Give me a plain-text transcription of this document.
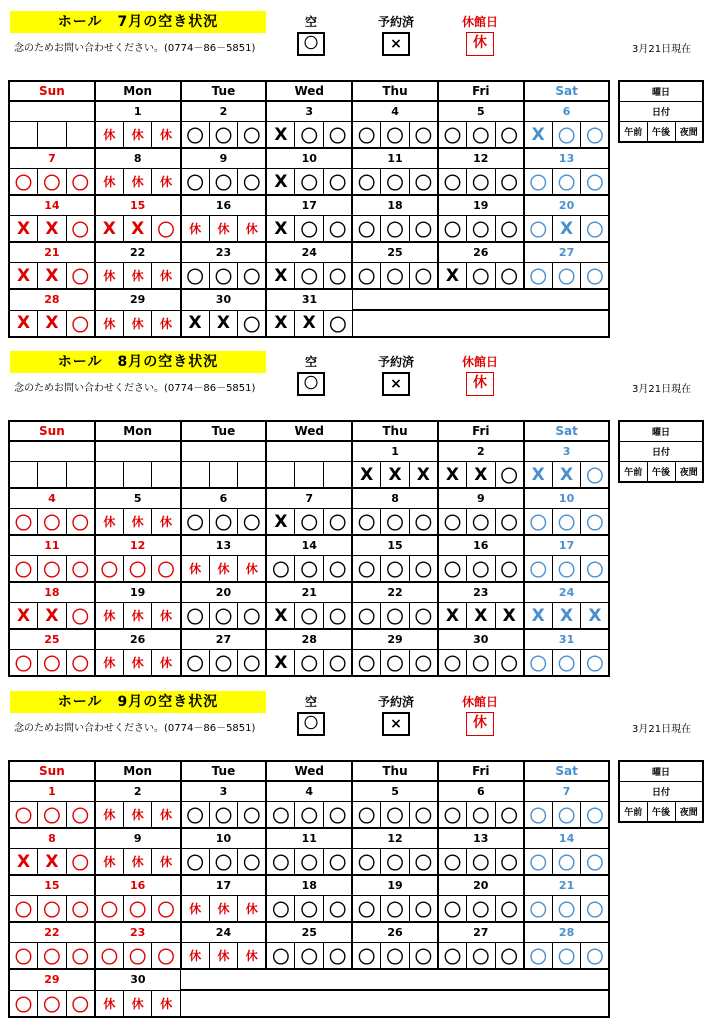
ホール　7月の空き状況
念のためお問い合わせください。(0774－86－5851)
空
〇
予約済
×
休館日
休	3月21日現在
Sun			Mon			Tue			Wed			Thu			Fri			Sat		
			1			2			3			4			5			6		
			休	休	休	〇	〇	〇	X	〇	〇	〇	〇	〇	〇	〇	〇	X	〇	〇
7			8			9			10			11			12			13		
〇	〇	〇	休	休	休	〇	〇	〇	X	〇	〇	〇	〇	〇	〇	〇	〇	〇	〇	〇
14			15			16			17			18			19			20		
X	X	〇	X	X	〇	休	休	休	X	〇	〇	〇	〇	〇	〇	〇	〇	〇	X	〇
21			22			23			24			25			26			27		
X	X	〇	休	休	休	〇	〇	〇	X	〇	〇	〇	〇	〇	X	〇	〇	〇	〇	〇
28			29			30			31											
X	X	〇	休	休	休	X	X	〇	X	X	〇									
曜日
日付
午前	午後	夜間
ホール　8月の空き状況
念のためお問い合わせください。(0774－86－5851)
空
〇
予約済
×
休館日
休	3月21日現在
Sun			Mon			Tue			Wed			Thu			Fri			Sat		
												1			2			3		
												X	X	X	X	X	〇	X	X	〇
4			5			6			7			8			9			10		
〇	〇	〇	休	休	休	〇	〇	〇	X	〇	〇	〇	〇	〇	〇	〇	〇	〇	〇	〇
11			12			13			14			15			16			17		
〇	〇	〇	〇	〇	〇	休	休	休	〇	〇	〇	〇	〇	〇	〇	〇	〇	〇	〇	〇
18			19			20			21			22			23			24		
X	X	〇	休	休	休	〇	〇	〇	X	〇	〇	〇	〇	〇	X	X	X	X	X	X
25			26			27			28			29			30			31		
〇	〇	〇	休	休	休	〇	〇	〇	X	〇	〇	〇	〇	〇	〇	〇	〇	〇	〇	〇
曜日
日付
午前	午後	夜間
ホール　9月の空き状況
念のためお問い合わせください。(0774－86－5851)
空
〇
予約済
×
休館日
休	3月21日現在
Sun			Mon			Tue			Wed			Thu			Fri			Sat		
1			2			3			4			5			6			7		
〇	〇	〇	休	休	休	〇	〇	〇	〇	〇	〇	〇	〇	〇	〇	〇	〇	〇	〇	〇
8			9			10			11			12			13			14		
X	X	〇	休	休	休	〇	〇	〇	〇	〇	〇	〇	〇	〇	〇	〇	〇	〇	〇	〇
15			16			17			18			19			20			21		
〇	〇	〇	〇	〇	〇	休	休	休	〇	〇	〇	〇	〇	〇	〇	〇	〇	〇	〇	〇
22			23			24			25			26			27			28		
〇	〇	〇	〇	〇	〇	休	休	休	〇	〇	〇	〇	〇	〇	〇	〇	〇	〇	〇	〇
29			30																	
〇	〇	〇	休	休	休															
曜日
日付
午前	午後	夜間
